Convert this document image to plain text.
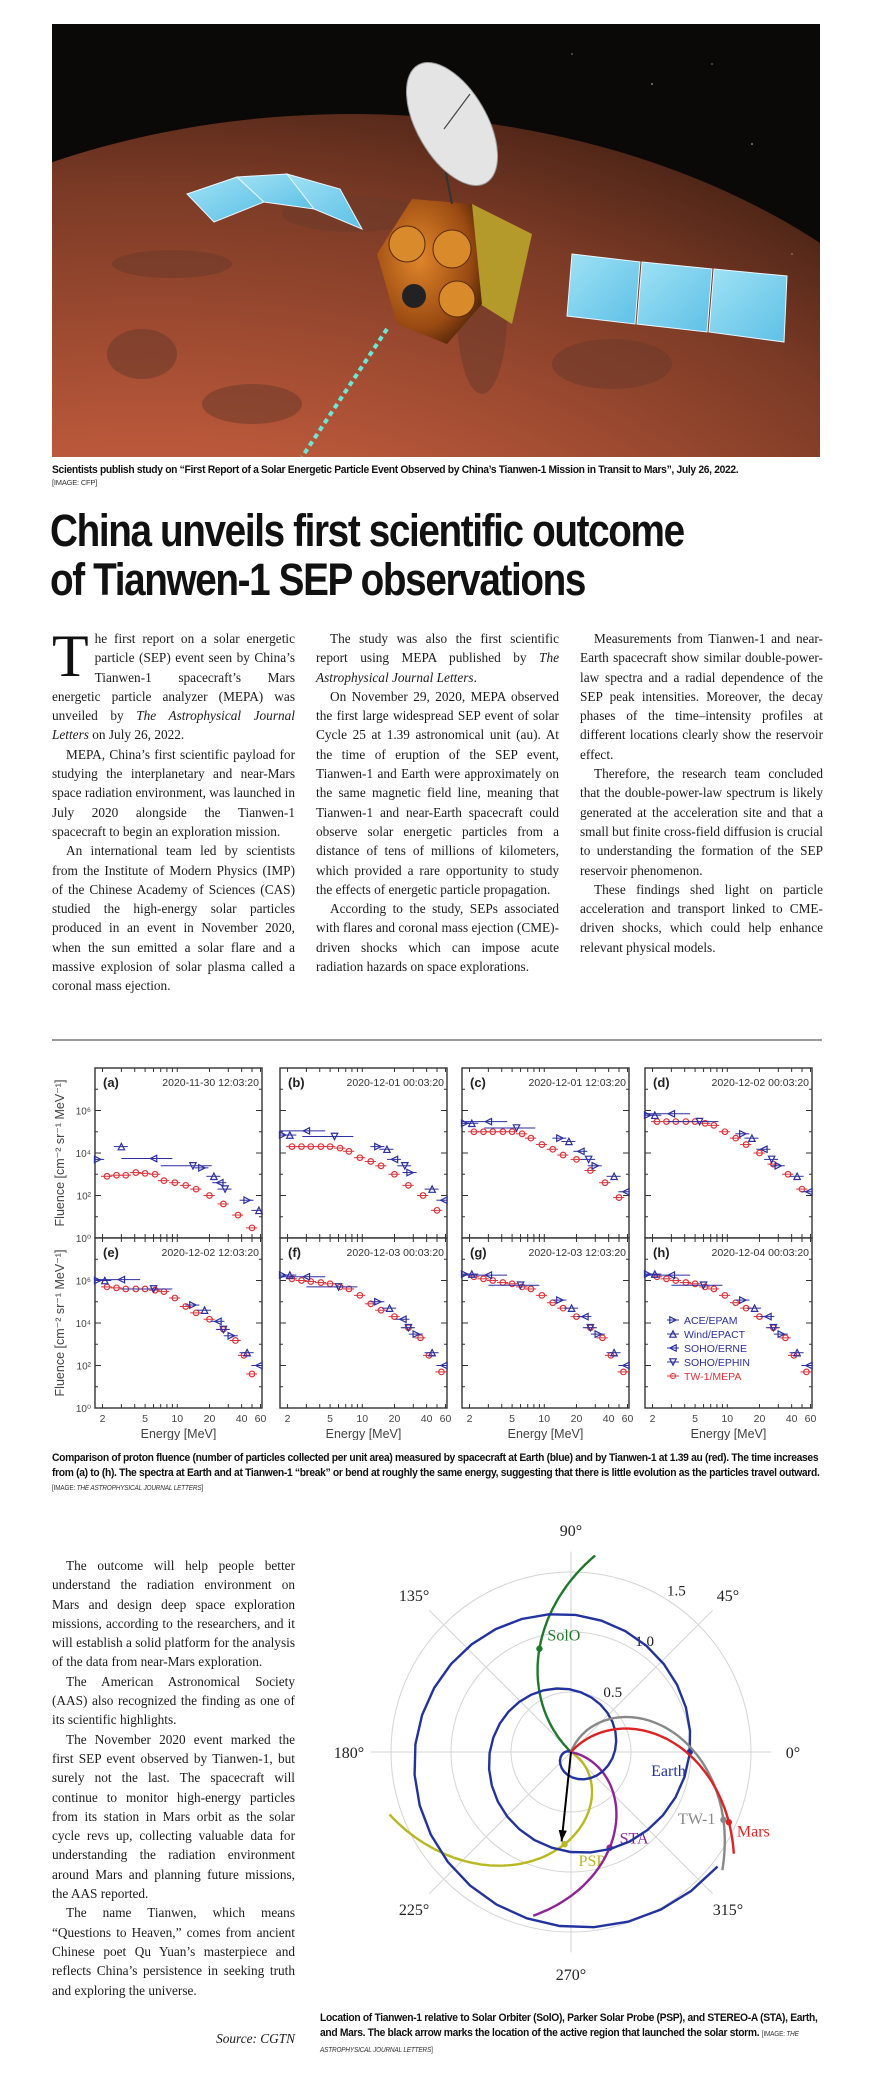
Scientists publish study on “First Report of a Solar Energetic Particle Event Observed by China’s Tianwen-1 Mission in Transit to Mars”, July 26, 2022.
[IMAGE: CFP]
China unveils first scientific outcome
of Tianwen-1 SEP observations

The first report on a solar energetic particle (SEP) event seen by China’s Tianwen-1 spacecraft’s Mars energetic particle analyzer (MEPA) was unveiled by The Astrophysical Journal Letters on July 26, 2022.

MEPA, China’s first scientific payload for studying the interplanetary and near-Mars space radiation environment, was launched in July 2020 alongside the Tianwen-1 spacecraft to begin an exploration mission.

An international team led by scientists from the Institute of Modern Physics (IMP) of the Chinese Academy of Sciences (CAS) studied the high-energy solar particles produced in an event in November 2020, when the sun emitted a solar flare and a massive explosion of solar plasma called a coronal mass ejection.

The study was also the first scientific report using MEPA published by The Astrophysical Journal Letters.

On November 29, 2020, MEPA observed the first large widespread SEP event of solar Cycle 25 at 1.39 astronomical unit (au). At the time of eruption of the SEP event, Tianwen-1 and Earth were approximately on the same magnetic field line, meaning that Tianwen-1 and near-Earth spacecraft could observe solar energetic particles from a distance of tens of millions of kilometers, which provided a rare opportunity to study the effects of energetic particle propagation.

According to the study, SEPs associated with flares and coronal mass ejection (CME)-driven shocks which can impose acute radiation hazards on space explorations.

Measurements from Tianwen-1 and near-Earth spacecraft show similar double-power-law spectra and a radial dependence of the SEP peak intensities. Moreover, the decay phases of the time–intensity profiles at different locations clearly show the reservoir effect.

Therefore, the research team concluded that the double-power-law spectrum is likely generated at the acceleration site and that a small but finite cross-field diffusion is crucial to understanding the formation of the SEP reservoir phenomenon.

These findings shed light on particle acceleration and transport linked to CME-driven shocks, which could help enhance relevant physical models.

(a)	2020-11-30 12:03:20
10⁰
10²
10⁴
10⁶
(b)	2020-12-01 00:03:20 (c)	2020-12-01 12:03:20 (d)	2020-12-02 00:03:20
(e)	2020-12-02 12:03:20
10⁰
10²
10⁴
10⁶
2	5 10 20 40 60
Energy [MeV]
(f)	2020-12-03 00:03:20
2	5 10 20 40 60
Energy [MeV]
(g)	2020-12-03 12:03:20
2	5 10 20 40 60
Energy [MeV]
(h)	2020-12-04 00:03:20
2	5 10 20 40 60
Energy [MeV]
Fluence [cm⁻² sr⁻¹ MeV⁻¹]
Fluence [cm⁻² sr⁻¹ MeV⁻¹]	ACE/EPAM
Wind/EPACT
SOHO/ERNE
SOHO/EPHIN
TW-1/MEPA
Comparison of proton fluence (number of particles collected per unit area) measured by spacecraft at Earth (blue) and by Tianwen-1 at 1.39 au (red). The time increases from (a) to (h). The spectra at Earth and at Tianwen-1 “break” or bend at roughly the same energy, suggesting that there is little evolution as the particles travel outward. [IMAGE: THE ASTROPHYSICAL JOURNAL LETTERS]

The outcome will help people better understand the radiation environment on Mars and design deep space exploration missions, according to the researchers, and it will establish a solid platform for the analysis of the data from near-Mars exploration.

The American Astronomical Society (AAS) also recognized the finding as one of its scientific highlights.

The November 2020 event marked the first SEP event observed by Tianwen-1, but surely not the last. The spacecraft will continue to monitor high-energy particles from its station in Mars orbit as the solar cycle revs up, collecting valuable data for understanding the radiation environment around Mars and planning future missions, the AAS reported.

The name Tianwen, which means “Questions to Heaven,” comes from ancient Chinese poet Qu Yuan’s masterpiece and reflects China’s persistence in seeking truth and exploring the universe.

Source: CGTN
0°
45°
90°
135°
180°
225°
270°
315°
0.5
1.0
1.5
SolO
PSP
STA
Earth
TW-1
Mars
Location of Tianwen-1 relative to Solar Orbiter (SolO), Parker Solar Probe (PSP), and STEREO-A (STA), Earth, and Mars. The black arrow marks the location of the active region that launched the solar storm. [IMAGE: THE ASTROPHYSICAL JOURNAL LETTERS]
